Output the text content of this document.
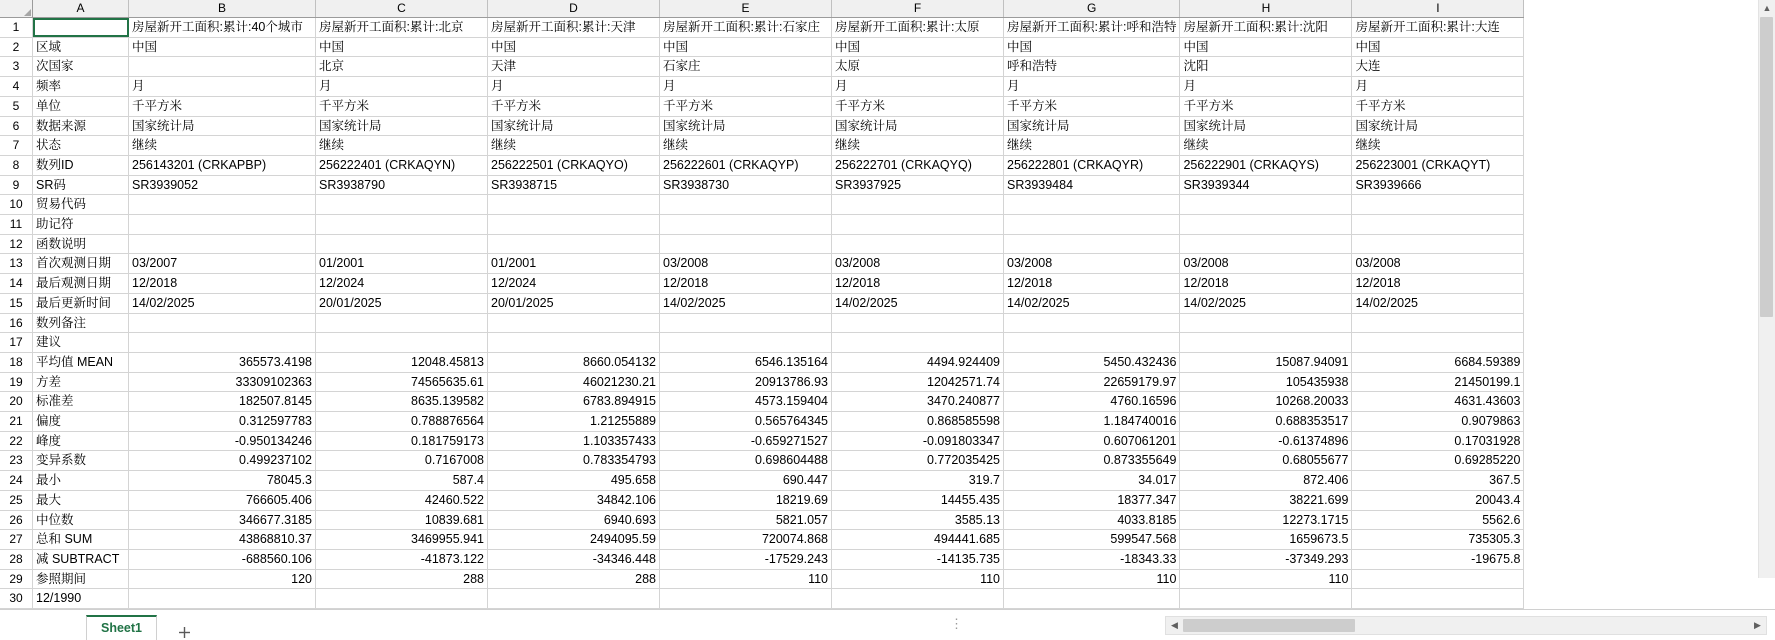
	A	B	C	D	E	F	G	H	I
1		房屋新开工面积:累计:40个城市	房屋新开工面积:累计:北京	房屋新开工面积:累计:天津	房屋新开工面积:累计:石家庄	房屋新开工面积:累计:太原	房屋新开工面积:累计:呼和浩特	房屋新开工面积:累计:沈阳	房屋新开工面积:累计:大连
2	区域	中国	中国	中国	中国	中国	中国	中国	中国
3	次国家		北京	天津	石家庄	太原	呼和浩特	沈阳	大连
4	频率	月	月	月	月	月	月	月	月
5	单位	千平方米	千平方米	千平方米	千平方米	千平方米	千平方米	千平方米	千平方米
6	数据来源	国家统计局	国家统计局	国家统计局	国家统计局	国家统计局	国家统计局	国家统计局	国家统计局
7	状态	继续	继续	继续	继续	继续	继续	继续	继续
8	数列ID	256143201 (CRKAPBP)	256222401 (CRKAQYN)	256222501 (CRKAQYO)	256222601 (CRKAQYP)	256222701 (CRKAQYQ)	256222801 (CRKAQYR)	256222901 (CRKAQYS)	256223001 (CRKAQYT)
9	SR码	SR3939052	SR3938790	SR3938715	SR3938730	SR3937925	SR3939484	SR3939344	SR3939666
10	贸易代码								
11	助记符								
12	函数说明								
13	首次观测日期	03/2007	01/2001	01/2001	03/2008	03/2008	03/2008	03/2008	03/2008
14	最后观测日期	12/2018	12/2024	12/2024	12/2018	12/2018	12/2018	12/2018	12/2018
15	最后更新时间	14/02/2025	20/01/2025	20/01/2025	14/02/2025	14/02/2025	14/02/2025	14/02/2025	14/02/2025
16	数列备注								
17	建议								
18	平均值 MEAN	365573.4198	12048.45813	8660.054132	6546.135164	4494.924409	5450.432436	15087.94091	6684.59389
19	方差	33309102363	74565635.61	46021230.21	20913786.93	12042571.74	22659179.97	105435938	21450199.1
20	标准差	182507.8145	8635.139582	6783.894915	4573.159404	3470.240877	4760.16596	10268.20033	4631.43603
21	偏度	0.312597783	0.788876564	1.21255889	0.565764345	0.868585598	1.184740016	0.688353517	0.9079863
22	峰度	-0.950134246	0.181759173	1.103357433	-0.659271527	-0.091803347	0.607061201	-0.61374896	0.17031928
23	变异系数	0.499237102	0.7167008	0.783354793	0.698604488	0.772035425	0.873355649	0.68055677	0.69285220
24	最小	78045.3	587.4	495.658	690.447	319.7	34.017	872.406	367.5
25	最大	766605.406	42460.522	34842.106	18219.69	14455.435	18377.347	38221.699	20043.4
26	中位数	346677.3185	10839.681	6940.693	5821.057	3585.13	4033.8185	12273.1715	5562.6
27	总和 SUM	43868810.37	3469955.941	2494095.59	720074.868	494441.685	599547.568	1659673.5	735305.3
28	减 SUBTRACT	-688560.106	-41873.122	-34346.448	-17529.243	-14135.735	-18343.33	-37349.293	-19675.8
29	参照期间	120	288	288	110	110	110	110	
30	12/1990								
▲
Sheet1	⋮	◀	▶
